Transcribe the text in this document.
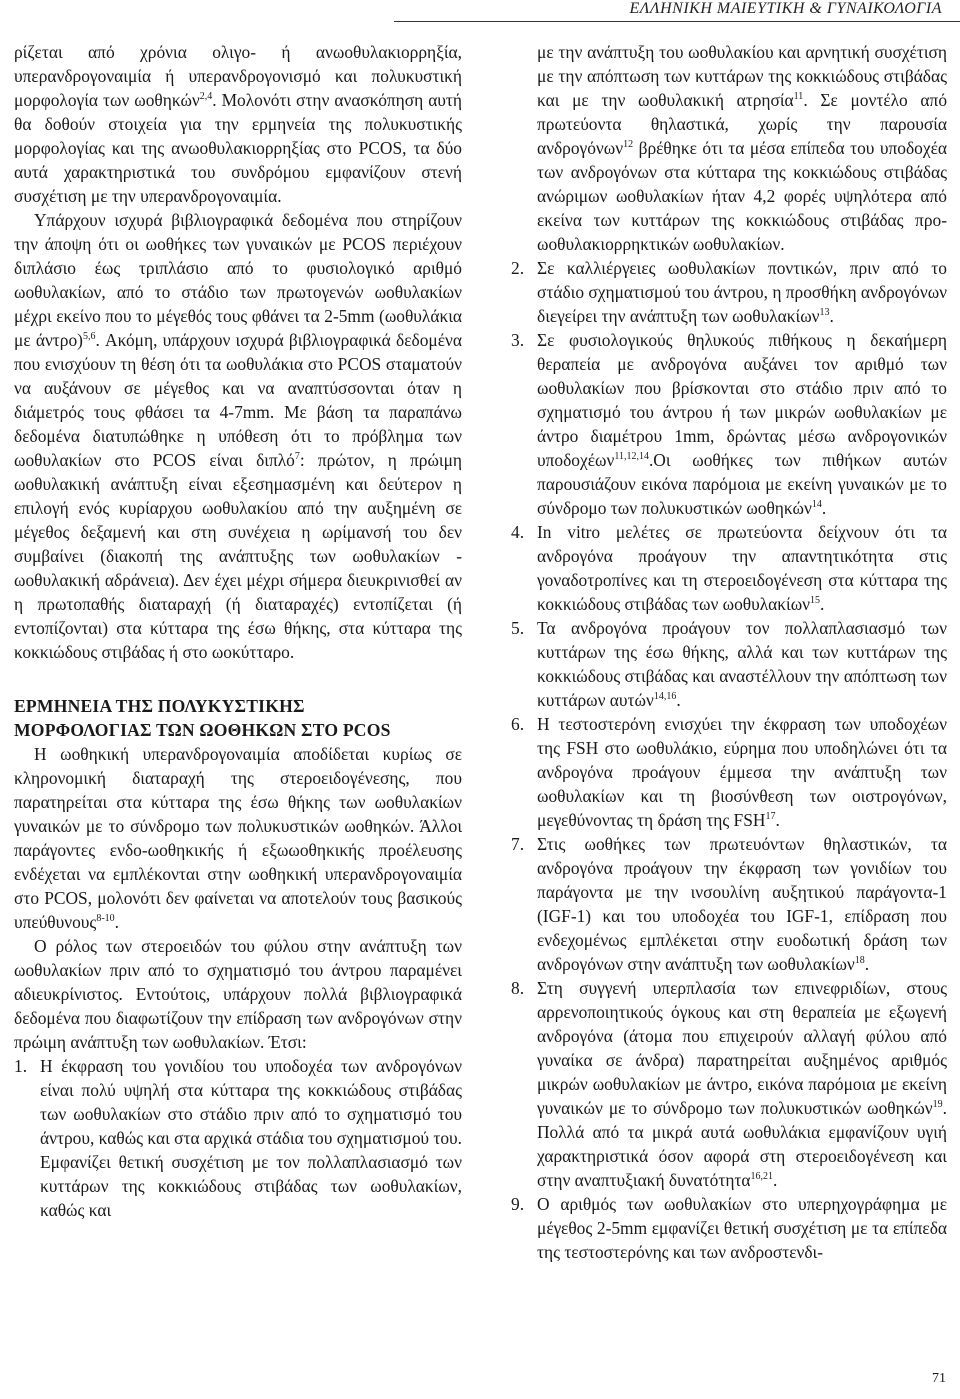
ΕΛΛΗΝΙΚΗ ΜΑΙΕΥΤΙΚΗ & ΓΥΝΑΙΚΟΛΟΓΙΑ

ρίζεται από χρόνια ολιγο- ή ανωοθυλακιορρηξία, υπερανδρογοναιμία ή υπερανδρογονισμό και πολυκυστική μορφολογία των ωοθηκών$^{2,4}$. Μολονότι στην ανασκόπηση αυτή θα δοθούν στοιχεία για την ερμηνεία της πολυκυστικής μορφολογίας και της ανωοθυλακιορρηξίας στο PCOS, τα δύο αυτά χαρακτηριστικά του συνδρόμου εμφανίζουν στενή συσχέτιση με την υπερανδρογοναιμία.

Υπάρχουν ισχυρά βιβλιογραφικά δεδομένα που στηρίζουν την άποψη ότι οι ωοθήκες των γυναικών με PCOS περιέχουν διπλάσιο έως τριπλάσιο από το φυσιολογικό αριθμό ωοθυλακίων, από το στάδιο των πρωτογενών ωοθυλακίων μέχρι εκείνο που το μέγεθός τους φθάνει τα 2-5mm (ωοθυλάκια με άντρο)$^{5,6}$. Ακόμη, υπάρχουν ισχυρά βιβλιογραφικά δεδομένα που ενισχύουν τη θέση ότι τα ωοθυλάκια στο PCOS σταματούν να αυξάνουν σε μέγεθος και να αναπτύσσονται όταν η διάμετρός τους φθάσει τα 4-7mm. Με βάση τα παραπάνω δεδομένα διατυπώθηκε η υπόθεση ότι το πρόβλημα των ωοθυλακίων στο PCOS είναι διπλό$^7$: πρώτον, η πρώιμη ωοθυλακική ανάπτυξη είναι εξεσημασμένη και δεύτερον η επιλογή ενός κυρίαρχου ωοθυλακίου από την αυξημένη σε μέγεθος δεξαμενή και στη συνέχεια η ωρίμανσή του δεν συμβαίνει (διακοπή της ανάπτυξης των ωοθυλακίων - ωοθυλακική αδράνεια). Δεν έχει μέχρι σήμερα διευκρινισθεί αν η πρωτοπαθής διαταραχή (ή διαταραχές) εντοπίζεται (ή εντοπίζονται) στα κύτταρα της έσω θήκης, στα κύτταρα της κοκκιώδους στιβάδας ή στο ωοκύτταρο.

ΕΡΜΗΝΕΙΑ ΤΗΣ ΠΟΛΥΚΥΣΤΙΚΗΣ
ΜΟΡΦΟΛΟΓΙΑΣ ΤΩΝ ΩΟΘΗΚΩΝ ΣΤΟ PCOS

Η ωοθηκική υπερανδρογοναιμία αποδίδεται κυρίως σε κληρονομική διαταραχή της στεροειδογένεσης, που παρατηρείται στα κύτταρα της έσω θήκης των ωοθυλακίων γυναικών με το σύνδρομο των πολυκυστικών ωοθηκών. Άλλοι παράγοντες ενδο-ωοθηκικής ή εξωωοθηκικής προέλευσης ενδέχεται να εμπλέκονται στην ωοθηκική υπερανδρογοναιμία στο PCOS, μολονότι δεν φαίνεται να αποτελούν τους βασικούς υπεύθυνους$^{8-10}$.

Ο ρόλος των στεροειδών του φύλου στην ανάπτυξη των ωοθυλακίων πριν από το σχηματισμό του άντρου παραμένει αδιευκρίνιστος. Εντούτοις, υπάρχουν πολλά βιβλιογραφικά δεδομένα που διαφωτίζουν την επίδραση των ανδρογόνων στην πρώιμη ανάπτυξη των ωοθυλακίων. Έτσι:

1. Η έκφραση του γονιδίου του υποδοχέα των ανδρογόνων είναι πολύ υψηλή στα κύτταρα της κοκκιώδους στιβάδας των ωοθυλακίων στο στάδιο πριν από το σχηματισμό του άντρου, καθώς και στα αρχικά στάδια του σχηματισμού του. Εμφανίζει θετική συσχέτιση με τον πολλαπλασιασμό των κυττάρων της κοκκιώδους στιβάδας των ωοθυλακίων, καθώς και

με την ανάπτυξη του ωοθυλακίου και αρνητική συσχέτιση με την απόπτωση των κυττάρων της κοκκιώδους στιβάδας και με την ωοθυλακική ατρησία$^{11}$. Σε μοντέλο από πρωτεύοντα θηλαστικά, χωρίς την παρουσία ανδρογόνων$^{12}$ βρέθηκε ότι τα μέσα επίπεδα του υποδοχέα των ανδρογόνων στα κύτταρα της κοκκιώδους στιβάδας ανώριμων ωοθυλακίων ήταν 4,2 φορές υψηλότερα από εκείνα των κυττάρων της κοκκιώδους στιβάδας προ-ωοθυλακιορρηκτικών ωοθυλακίων.

2. Σε καλλιέργειες ωοθυλακίων ποντικών, πριν από το στάδιο σχηματισμού του άντρου, η προσθήκη ανδρογόνων διεγείρει την ανάπτυξη των ωοθυλακίων$^{13}$.
3. Σε φυσιολογικούς θηλυκούς πιθήκους η δεκαήμερη θεραπεία με ανδρογόνα αυξάνει τον αριθμό των ωοθυλακίων που βρίσκονται στο στάδιο πριν από το σχηματισμό του άντρου ή των μικρών ωοθυλακίων με άντρο διαμέτρου 1mm, δρώντας μέσω ανδρογονικών υποδοχέων$^{11,12,14}$.Οι ωοθήκες των πιθήκων αυτών παρουσιάζουν εικόνα παρόμοια με εκείνη γυναικών με το σύνδρομο των πολυκυστικών ωοθηκών$^{14}$.
4. In vitro μελέτες σε πρωτεύοντα δείχνουν ότι τα ανδρογόνα προάγουν την απαντητικότητα στις γοναδοτροπίνες και τη στεροειδογένεση στα κύτταρα της κοκκιώδους στιβάδας των ωοθυλακίων$^{15}$.
5. Τα ανδρογόνα προάγουν τον πολλαπλασιασμό των κυττάρων της έσω θήκης, αλλά και των κυττάρων της κοκκιώδους στιβάδας και αναστέλλουν την απόπτωση των κυττάρων αυτών$^{14,16}$.
6. Η τεστοστερόνη ενισχύει την έκφραση των υποδοχέων της FSH στο ωοθυλάκιο, εύρημα που υποδηλώνει ότι τα ανδρογόνα προάγουν έμμεσα την ανάπτυξη των ωοθυλακίων και τη βιοσύνθεση των οιστρογόνων, μεγεθύνοντας τη δράση της FSH$^{17}$.
7. Στις ωοθήκες των πρωτευόντων θηλαστικών, τα ανδρογόνα προάγουν την έκφραση των γονιδίων του παράγοντα με την ινσουλίνη αυξητικού παράγοντα-1 (IGF-1) και του υποδοχέα του IGF-1, επίδραση που ενδεχομένως εμπλέκεται στην ευοδωτική δράση των ανδρογόνων στην ανάπτυξη των ωοθυλακίων$^{18}$.
8. Στη συγγενή υπερπλασία των επινεφριδίων, στους αρρενοποιητικούς όγκους και στη θεραπεία με εξωγενή ανδρογόνα (άτομα που επιχειρούν αλλαγή φύλου από γυναίκα σε άνδρα) παρατηρείται αυξημένος αριθμός μικρών ωοθυλακίων με άντρο, εικόνα παρόμοια με εκείνη γυναικών με το σύνδρομο των πολυκυστικών ωοθηκών$^{19}$. Πολλά από τα μικρά αυτά ωοθυλάκια εμφανίζουν υγιή χαρακτηριστικά όσον αφορά στη στεροειδογένεση και στην αναπτυξιακή δυνατότητα$^{16,21}$.
9. Ο αριθμός των ωοθυλακίων στο υπερηχογράφημα με μέγεθος 2-5mm εμφανίζει θετική συσχέτιση με τα επίπεδα της τεστοστερόνης και των ανδροστενδι-
71
